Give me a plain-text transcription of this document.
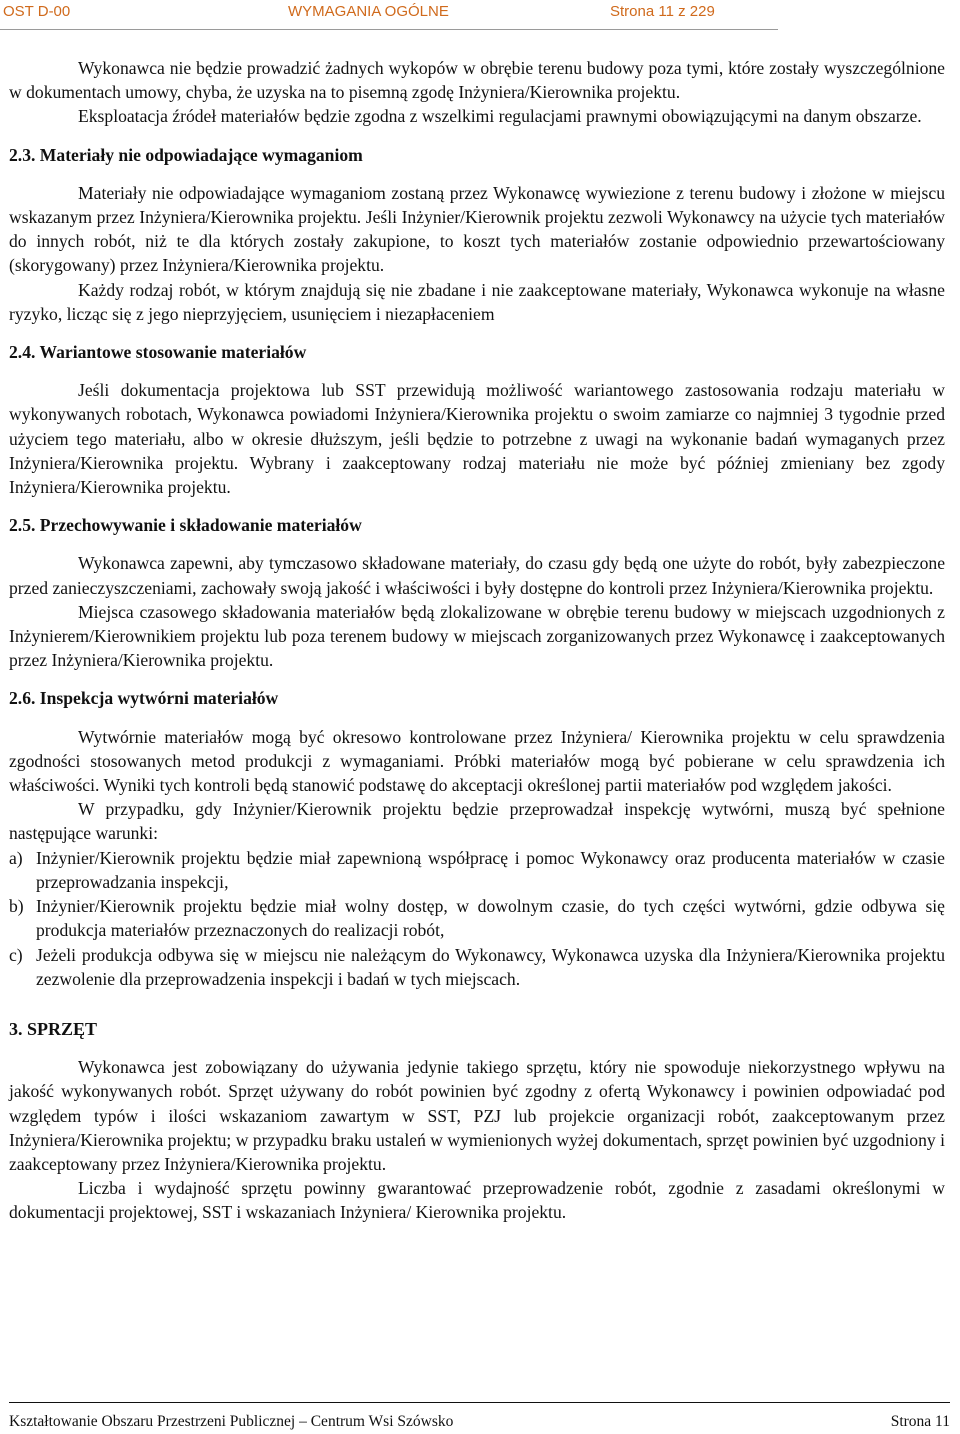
OST D-00	WYMAGANIA OGÓLNE	Strona 11 z 229

Wykonawca nie będzie prowadzić żadnych wykopów w obrębie terenu budowy poza tymi, które zostały wyszczególnione w dokumentach umowy, chyba, że uzyska na to pisemną zgodę Inżyniera/Kierownika projektu.

Eksploatacja źródeł materiałów będzie zgodna z wszelkimi regulacjami prawnymi obowiązującymi na danym obszarze.

2.3. Materiały nie odpowiadające wymaganiom

Materiały nie odpowiadające wymaganiom zostaną przez Wykonawcę wywiezione z terenu budowy i złożone w miejscu wskazanym przez Inżyniera/Kierownika projektu. Jeśli Inżynier/Kierownik projektu zezwoli Wykonawcy na użycie tych materiałów do innych robót, niż te dla których zostały zakupione, to koszt tych materiałów zostanie odpowiednio przewartościowany (skorygowany) przez Inżyniera/Kierownika projektu.

Każdy rodzaj robót, w którym znajdują się nie zbadane i nie zaakceptowane materiały, Wykonawca wykonuje na własne ryzyko, licząc się z jego nieprzyjęciem, usunięciem i niezapłaceniem

2.4. Wariantowe stosowanie materiałów

Jeśli dokumentacja projektowa lub SST przewidują możliwość wariantowego zastosowania rodzaju materiału w wykonywanych robotach, Wykonawca powiadomi Inżyniera/Kierownika projektu o swoim zamiarze co najmniej 3 tygodnie przed użyciem tego materiału, albo w okresie dłuższym, jeśli będzie to potrzebne z uwagi na wykonanie badań wymaganych przez Inżyniera/Kierownika projektu. Wybrany i zaakceptowany rodzaj materiału nie może być później zmieniany bez zgody Inżyniera/Kierownika projektu.

2.5. Przechowywanie i składowanie materiałów

Wykonawca zapewni, aby tymczasowo składowane materiały, do czasu gdy będą one użyte do robót, były zabezpieczone przed zanieczyszczeniami, zachowały swoją jakość i właściwości i były dostępne do kontroli przez Inżyniera/Kierownika projektu.

Miejsca czasowego składowania materiałów będą zlokalizowane w obrębie terenu budowy w miejscach uzgodnionych z Inżynierem/Kierownikiem projektu lub poza terenem budowy w miejscach zorganizowanych przez Wykonawcę i zaakceptowanych przez Inżyniera/Kierownika projektu.

2.6. Inspekcja wytwórni materiałów

Wytwórnie materiałów mogą być okresowo kontrolowane przez Inżyniera/ Kierownika projektu w celu sprawdzenia zgodności stosowanych metod produkcji z wymaganiami. Próbki materiałów mogą być pobierane w celu sprawdzenia ich właściwości. Wyniki tych kontroli będą stanowić podstawę do akceptacji określonej partii materiałów pod względem jakości.

W przypadku, gdy Inżynier/Kierownik projektu będzie przeprowadzał inspekcję wytwórni, muszą być spełnione następujące warunki:

a) Inżynier/Kierownik projektu będzie miał zapewnioną współpracę i pomoc Wykonawcy oraz producenta materiałów w czasie przeprowadzania inspekcji,
b) Inżynier/Kierownik projektu będzie miał wolny dostęp, w dowolnym czasie, do tych części wytwórni, gdzie odbywa się produkcja materiałów przeznaczonych do realizacji robót,
c) Jeżeli produkcja odbywa się w miejscu nie należącym do Wykonawcy, Wykonawca uzyska dla Inżyniera/Kierownika projektu zezwolenie dla przeprowadzenia inspekcji i badań w tych miejscach.

3. SPRZĘT

Wykonawca jest zobowiązany do używania jedynie takiego sprzętu, który nie spowoduje niekorzystnego wpływu na jakość wykonywanych robót. Sprzęt używany do robót powinien być zgodny z ofertą Wykonawcy i powinien odpowiadać pod względem typów i ilości wskazaniom zawartym w SST, PZJ lub projekcie organizacji robót, zaakceptowanym przez Inżyniera/Kierownika projektu; w przypadku braku ustaleń w wymienionych wyżej dokumentach, sprzęt powinien być uzgodniony i zaakceptowany przez Inżyniera/Kierownika projektu.

Liczba i wydajność sprzętu powinny gwarantować przeprowadzenie robót, zgodnie z zasadami określonymi w dokumentacji projektowej, SST i wskazaniach Inżyniera/ Kierownika projektu.

Kształtowanie Obszaru Przestrzeni Publicznej – Centrum Wsi Szówsko	Strona 11
